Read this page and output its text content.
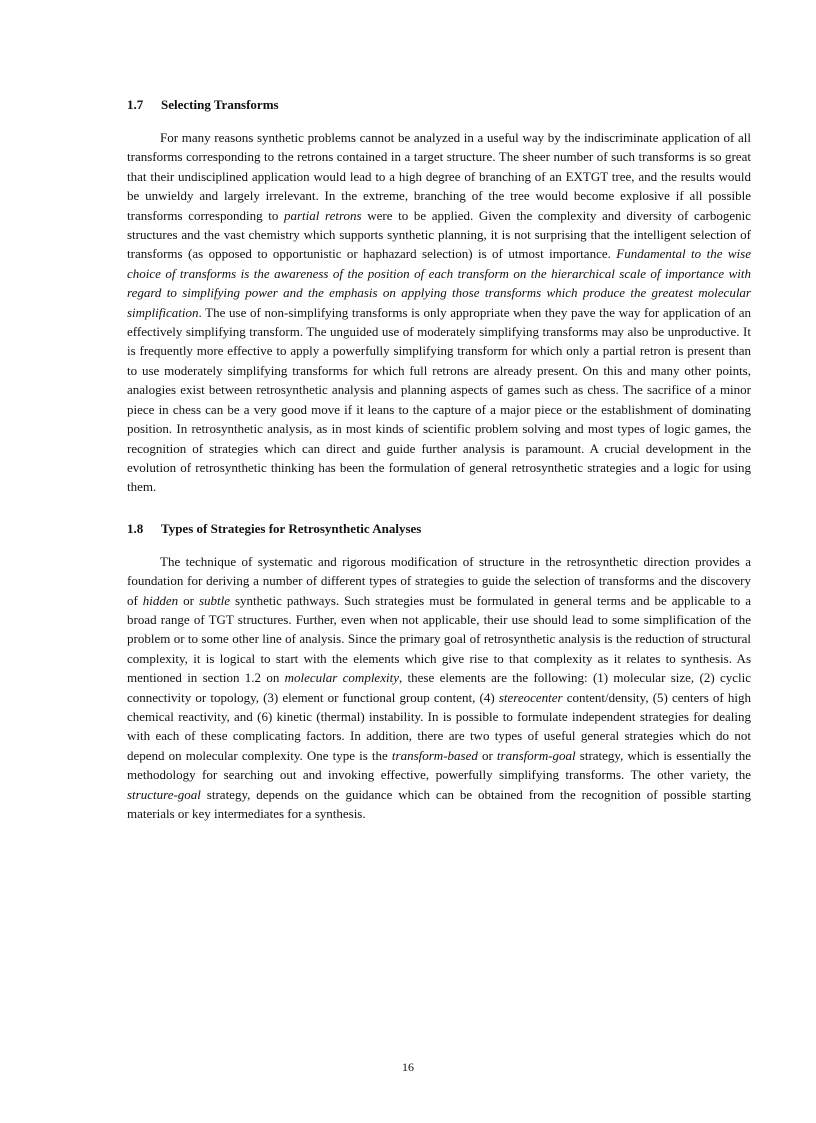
1.7 Selecting Transforms

For many reasons synthetic problems cannot be analyzed in a useful way by the indiscriminate application of all transforms corresponding to the retrons contained in a target structure. The sheer number of such transforms is so great that their undisciplined application would lead to a high degree of branching of an EXTGT tree, and the results would be unwieldy and largely irrelevant. In the extreme, branching of the tree would become explosive if all possible transforms corresponding to partial retrons were to be applied. Given the complexity and diversity of carbogenic structures and the vast chemistry which supports synthetic planning, it is not surprising that the intelligent selection of transforms (as opposed to opportunistic or haphazard selection) is of utmost importance. Fundamental to the wise choice of transforms is the awareness of the position of each transform on the hierarchical scale of importance with regard to simplifying power and the emphasis on applying those transforms which produce the greatest molecular simplification. The use of non-simplifying transforms is only appropriate when they pave the way for application of an effectively simplifying transform. The unguided use of moderately simplifying transforms may also be unproductive. It is frequently more effective to apply a powerfully simplifying transform for which only a partial retron is present than to use moderately simplifying transforms for which full retrons are already present. On this and many other points, analogies exist between retrosynthetic analysis and planning aspects of games such as chess. The sacrifice of a minor piece in chess can be a very good move if it leans to the capture of a major piece or the establishment of dominating position. In retrosynthetic analysis, as in most kinds of scientific problem solving and most types of logic games, the recognition of strategies which can direct and guide further analysis is paramount. A crucial development in the evolution of retrosynthetic thinking has been the formulation of general retrosynthetic strategies and a logic for using them.

1.8 Types of Strategies for Retrosynthetic Analyses

The technique of systematic and rigorous modification of structure in the retrosynthetic direction provides a foundation for deriving a number of different types of strategies to guide the selection of transforms and the discovery of hidden or subtle synthetic pathways. Such strategies must be formulated in general terms and be applicable to a broad range of TGT structures. Further, even when not applicable, their use should lead to some simplification of the problem or to some other line of analysis. Since the primary goal of retrosynthetic analysis is the reduction of structural complexity, it is logical to start with the elements which give rise to that complexity as it relates to synthesis. As mentioned in section 1.2 on molecular complexity, these elements are the following: (1) molecular size, (2) cyclic connectivity or topology, (3) element or functional group content, (4) stereocenter content/density, (5) centers of high chemical reactivity, and (6) kinetic (thermal) instability. In is possible to formulate independent strategies for dealing with each of these complicating factors. In addition, there are two types of useful general strategies which do not depend on molecular complexity. One type is the transform-based or transform-goal strategy, which is essentially the methodology for searching out and invoking effective, powerfully simplifying transforms. The other variety, the structure-goal strategy, depends on the guidance which can be obtained from the recognition of possible starting materials or key intermediates for a synthesis.

16
